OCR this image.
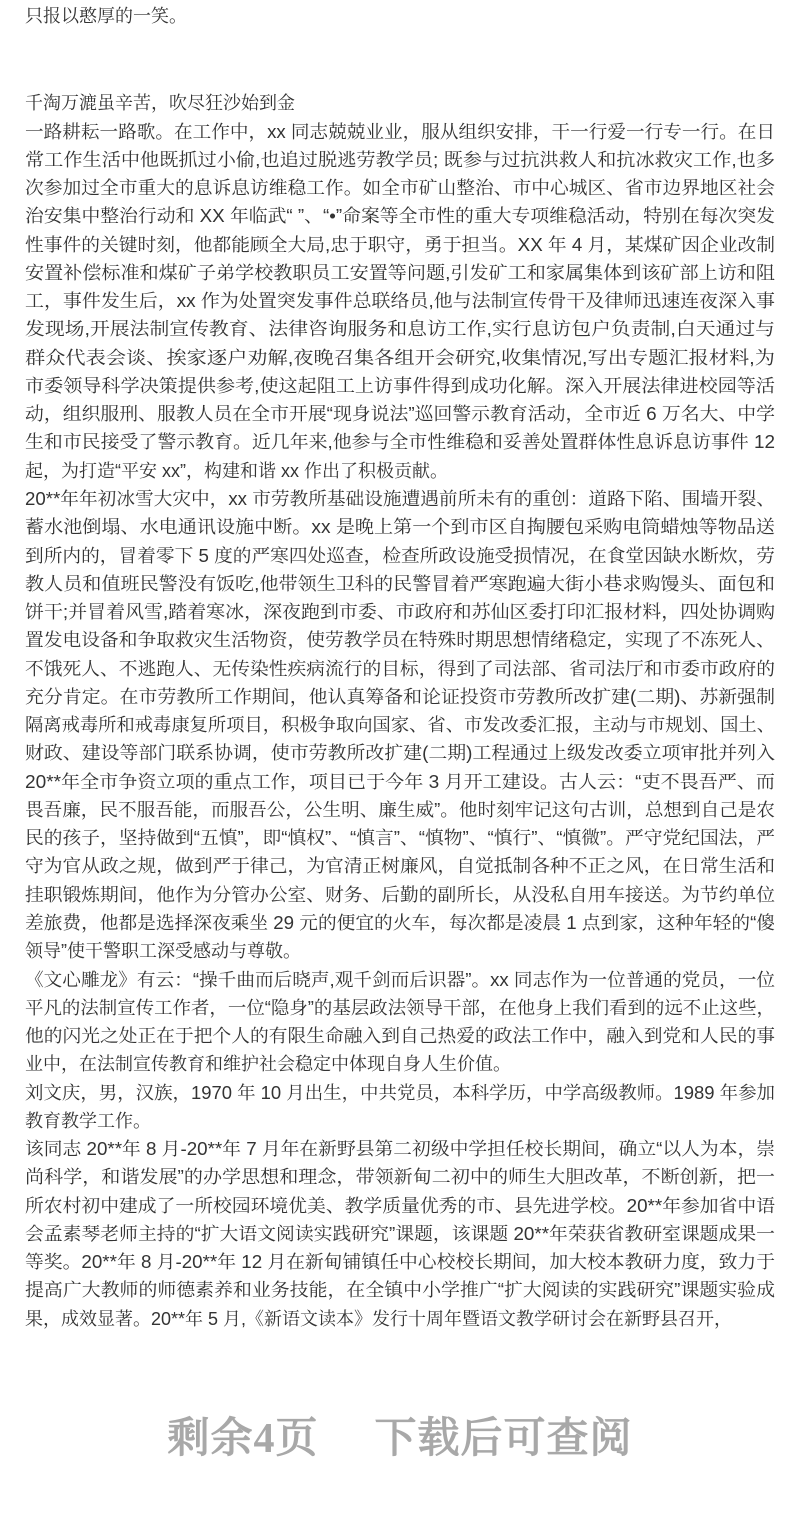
只报以憨厚的一笑。
千淘万漉虽辛苦，吹尽狂沙始到金
一路耕耘一路歌。在工作中，xx 同志兢兢业业，服从组织安排，干一行爱一行专一行。在日
常工作生活中他既抓过小偷,也追过脱逃劳教学员; 既参与过抗洪救人和抗冰救灾工作,也多
次参加过全市重大的息诉息访维稳工作。如全市矿山整治、市中心城区、省市边界地区社会
治安集中整治行动和 XX 年临武“ ”、“•”命案等全市性的重大专项维稳活动，特别在每次突发
性事件的关键时刻，他都能顾全大局,忠于职守，勇于担当。XX 年 4 月，某煤矿因企业改制
安置补偿标准和煤矿子弟学校教职员工安置等问题,引发矿工和家属集体到该矿部上访和阻
工，事件发生后，xx 作为处置突发事件总联络员,他与法制宣传骨干及律师迅速连夜深入事
发现场,开展法制宣传教育、法律咨询服务和息访工作,实行息访包户负责制,白天通过与
群众代表会谈、挨家逐户劝解,夜晚召集各组开会研究,收集情况,写出专题汇报材料,为
市委领导科学决策提供参考,使这起阻工上访事件得到成功化解。深入开展法律进校园等活
动，组织服刑、服教人员在全市开展“现身说法”巡回警示教育活动，全市近 6 万名大、中学
生和市民接受了警示教育。近几年来,他参与全市性维稳和妥善处置群体性息诉息访事件 12
起，为打造“平安 xx”，构建和谐 xx 作出了积极贡献。
20**年年初冰雪大灾中，xx 市劳教所基础设施遭遇前所未有的重创：道路下陷、围墙开裂、
蓄水池倒塌、水电通讯设施中断。xx 是晚上第一个到市区自掏腰包采购电筒蜡烛等物品送
到所内的，冒着零下 5 度的严寒四处巡查，检查所政设施受损情况，在食堂因缺水断炊，劳
教人员和值班民警没有饭吃,他带领生卫科的民警冒着严寒跑遍大街小巷求购馒头、面包和
饼干;并冒着风雪,踏着寒冰，深夜跑到市委、市政府和苏仙区委打印汇报材料，四处协调购
置发电设备和争取救灾生活物资，使劳教学员在特殊时期思想情绪稳定，实现了不冻死人、
不饿死人、不逃跑人、无传染性疾病流行的目标，得到了司法部、省司法厅和市委市政府的
充分肯定。在市劳教所工作期间，他认真筹备和论证投资市劳教所改扩建(二期)、苏新强制
隔离戒毒所和戒毒康复所项目，积极争取向国家、省、市发改委汇报，主动与市规划、国土、
财政、建设等部门联系协调，使市劳教所改扩建(二期)工程通过上级发改委立项审批并列入
20**年全市争资立项的重点工作，项目已于今年 3 月开工建设。古人云：“吏不畏吾严、而
畏吾廉，民不服吾能，而服吾公，公生明、廉生威”。他时刻牢记这句古训，总想到自己是农
民的孩子，坚持做到“五慎”，即“慎权”、“慎言”、“慎物”、“慎行”、“慎微”。严守党纪国法，严
守为官从政之规，做到严于律己，为官清正树廉风，自觉抵制各种不正之风，在日常生活和
挂职锻炼期间，他作为分管办公室、财务、后勤的副所长，从没私自用车接送。为节约单位
差旅费，他都是选择深夜乘坐 29 元的便宜的火车，每次都是凌晨 1 点到家，这种年轻的“傻
领导”使干警职工深受感动与尊敬。
《文心雕龙》有云：“操千曲而后晓声,观千剑而后识器”。xx 同志作为一位普通的党员，一位
平凡的法制宣传工作者，一位“隐身”的基层政法领导干部，在他身上我们看到的远不止这些，
他的闪光之处正在于把个人的有限生命融入到自己热爱的政法工作中，融入到党和人民的事
业中，在法制宣传教育和维护社会稳定中体现自身人生价值。
刘文庆，男，汉族，1970 年 10 月出生，中共党员，本科学历，中学高级教师。1989 年参加
教育教学工作。
该同志 20**年 8 月-20**年 7 月年在新野县第二初级中学担任校长期间，确立“以人为本，崇
尚科学，和谐发展”的办学思想和理念，带领新甸二初中的师生大胆改革，不断创新，把一
所农村初中建成了一所校园环境优美、教学质量优秀的市、县先进学校。20**年参加省中语
会孟素琴老师主持的“扩大语文阅读实践研究”课题，该课题 20**年荣获省教研室课题成果一
等奖。20**年 8 月-20**年 12 月在新甸铺镇任中心校校长期间，加大校本教研力度，致力于
提高广大教师的师德素养和业务技能，在全镇中小学推广“扩大阅读的实践研究”课题实验成
果，成效显著。20**年 5 月,《新语文读本》发行十周年暨语文教学研讨会在新野县召开，
剩余4页 下载后可查阅
